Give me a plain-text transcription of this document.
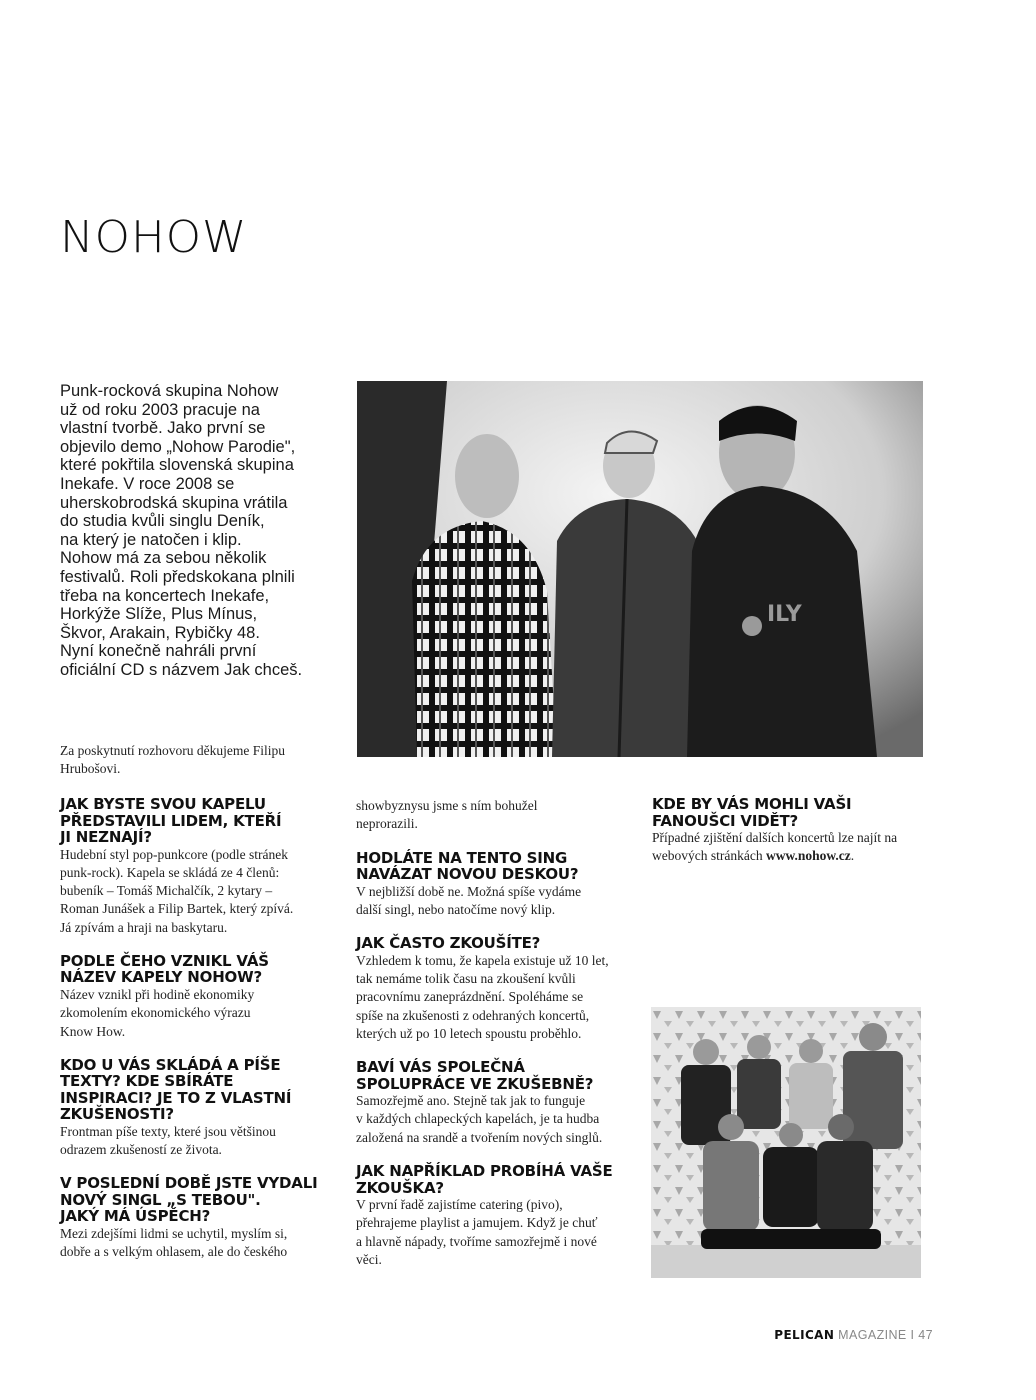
NOHOW

Punk-rocková skupina Nohow
už od roku 2003 pracuje na
vlastní tvorbě. Jako první se
objevilo demo „Nohow Parodie",
které pokřtila slovenská skupina
Inekafe. V roce 2008 se
uherskobrodská skupina vrátila
do studia kvůli singlu Deník,
na který je natočen i klip.
Nohow má za sebou několik
festivalů. Roli předskokana plnili
třeba na koncertech Inekafe,
Horkýže Slíže, Plus Mínus,
Škvor, Arakain, Rybičky 48.
Nyní konečně nahráli první
oficiální CD s názvem Jak chceš.

ILY

Za poskytnutí rozhovoru děkujeme Filipu Hrubošovi.

JAK BYSTE SVOU KAPELU
PŘEDSTAVILI LIDEM, KTEŘÍ
JI NEZNAJÍ?

Hudební styl pop-punkcore (podle stránek
punk-rock). Kapela se skládá ze 4 členů:
bubeník – Tomáš Michalčík, 2 kytary –
Roman Junášek a Filip Bartek, který zpívá.
Já zpívám a hraji na baskytaru.

PODLE ČEHO VZNIKL VÁŠ
NÁZEV KAPELY NOHOW?

Název vznikl při hodině ekonomiky
zkomolením ekonomického výrazu
Know How.

KDO U VÁS SKLÁDÁ A PÍŠE
TEXTY? KDE SBÍRÁTE
INSPIRACI? JE TO Z VLASTNÍ
ZKUŠENOSTI?

Frontman píše texty, které jsou většinou
odrazem zkušeností ze života.

V POSLEDNÍ DOBĚ JSTE VYDALI
NOVÝ SINGL „S TEBOU".
JAKÝ MÁ ÚSPĚCH?

Mezi zdejšími lidmi se uchytil, myslím si,
dobře a s velkým ohlasem, ale do českého

showbyznysu jsme s ním bohužel
neprorazili.

HODLÁTE NA TENTO SING
NAVÁZAT NOVOU DESKOU?

V nejbližší době ne. Možná spíše vydáme
další singl, nebo natočíme nový klip.

JAK ČASTO ZKOUŠÍTE?

Vzhledem k tomu, že kapela existuje už 10 let,
tak nemáme tolik času na zkoušení kvůli
pracovnímu zaneprázdnění. Spoléháme se
spíše na zkušenosti z odehraných koncertů,
kterých už po 10 letech spoustu proběhlo.

BAVÍ VÁS SPOLEČNÁ
SPOLUPRÁCE VE ZKUŠEBNĚ?

Samozřejmě ano. Stejně tak jak to funguje
v každých chlapeckých kapelách, je ta hudba
založená na srandě a tvořením nových singlů.

JAK NAPŘÍKLAD PROBÍHÁ VAŠE
ZKOUŠKA?

V první řadě zajistíme catering (pivo),
přehrajeme playlist a jamujem. Když je chuť
a hlavně nápady, tvoříme samozřejmě i nové
věci.

KDE BY VÁS MOHLI VAŠI
FANOUŠCI VIDĚT?

Případné zjištění dalších koncertů lze najít na
webových stránkách www.nohow.cz.

PELICAN MAGAZINE I 47
